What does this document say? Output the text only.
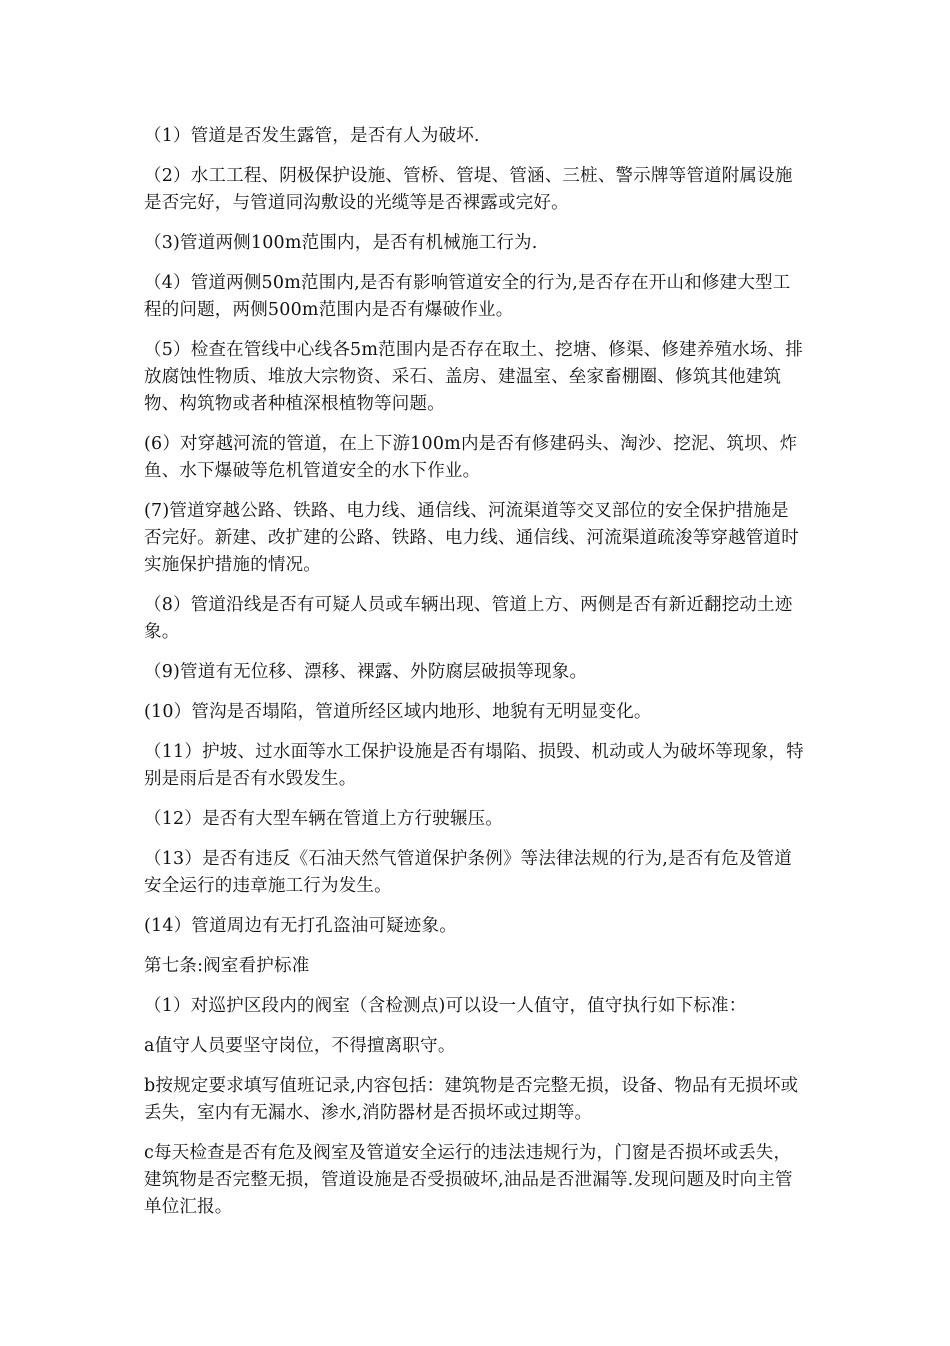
（1）管道是否发生露管，是否有人为破坏.

（2）水工工程、阴极保护设施、管桥、管堤、管涵、三桩、警示牌等管道附属设施是否完好，与管道同沟敷设的光缆等是否裸露或完好。

（3)管道两侧100m范围内，是否有机械施工行为.

（4）管道两侧50m范围内,是否有影响管道安全的行为,是否存在开山和修建大型工程的问题，两侧500m范围内是否有爆破作业。

（5）检查在管线中心线各5m范围内是否存在取土、挖塘、修渠、修建养殖水场、排放腐蚀性物质、堆放大宗物资、采石、盖房、建温室、垒家畜棚圈、修筑其他建筑物、构筑物或者种植深根植物等问题。

(6）对穿越河流的管道，在上下游100m内是否有修建码头、淘沙、挖泥、筑坝、炸鱼、水下爆破等危机管道安全的水下作业。

(7)管道穿越公路、铁路、电力线、通信线、河流渠道等交叉部位的安全保护措施是否完好。新建、改扩建的公路、铁路、电力线、通信线、河流渠道疏浚等穿越管道时实施保护措施的情况。

（8）管道沿线是否有可疑人员或车辆出现、管道上方、两侧是否有新近翻挖动土迹象。

（9)管道有无位移、漂移、裸露、外防腐层破损等现象。

(10）管沟是否塌陷，管道所经区域内地形、地貌有无明显变化。

（11）护坡、过水面等水工保护设施是否有塌陷、损毁、机动或人为破坏等现象，特别是雨后是否有水毁发生。

（12）是否有大型车辆在管道上方行驶辗压。

（13）是否有违反《石油天然气管道保护条例》等法律法规的行为,是否有危及管道安全运行的违章施工行为发生。

(14）管道周边有无打孔盗油可疑迹象。

第七条:阀室看护标准

（1）对巡护区段内的阀室（含检测点)可以设一人值守，值守执行如下标准：

a值守人员要坚守岗位，不得擅离职守。

b按规定要求填写值班记录,内容包括：建筑物是否完整无损，设备、物品有无损坏或丢失，室内有无漏水、渗水,消防器材是否损坏或过期等。

c每天检查是否有危及阀室及管道安全运行的违法违规行为，门窗是否损坏或丢失，建筑物是否完整无损，管道设施是否受损破坏,油品是否泄漏等.发现问题及时向主管单位汇报。
